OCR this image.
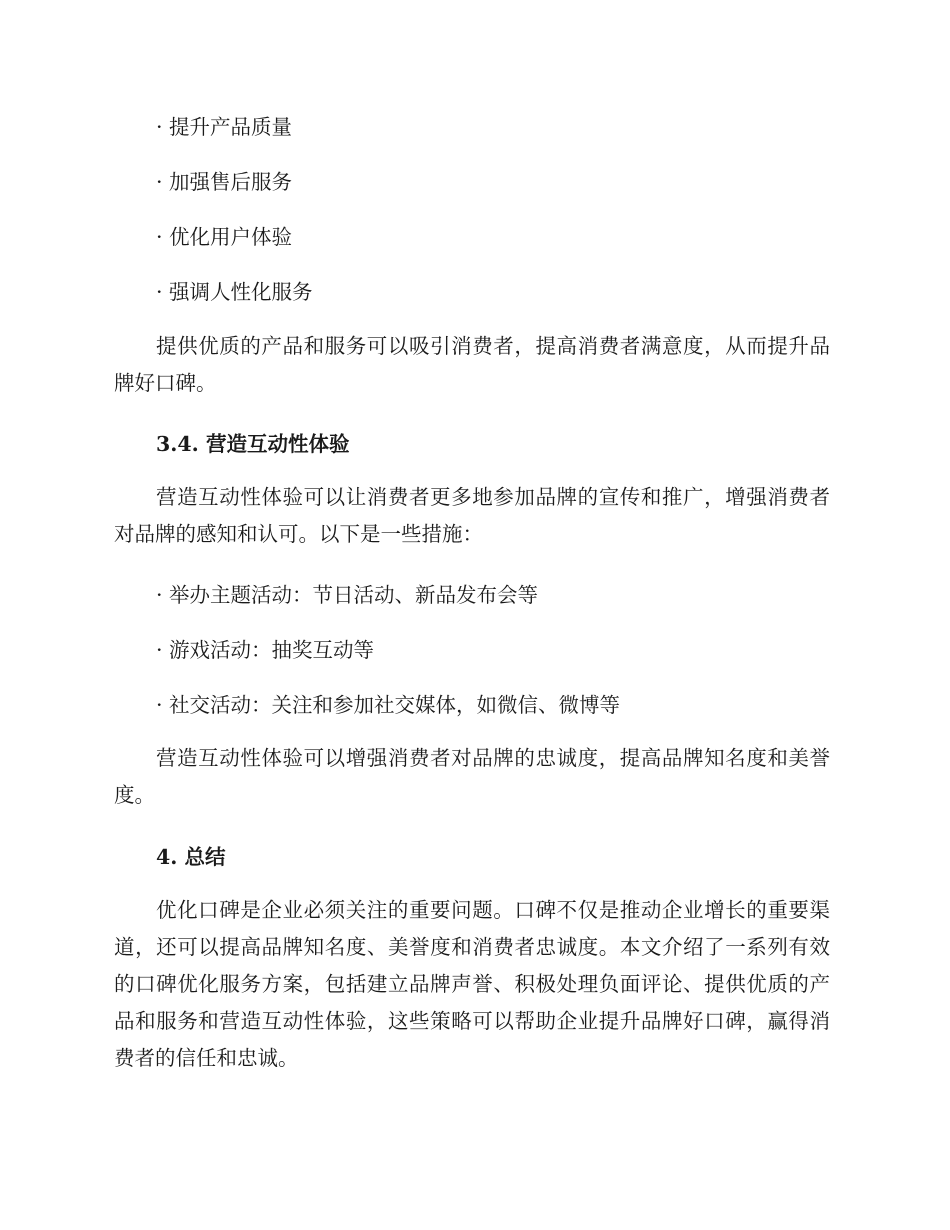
· 提升产品质量
· 加强售后服务
· 优化用户体验
· 强调人性化服务
提供优质的产品和服务可以吸引消费者，提高消费者满意度，从而提升品牌好口碑。
3.4. 营造互动性体验
营造互动性体验可以让消费者更多地参加品牌的宣传和推广，增强消费者对品牌的感知和认可。以下是一些措施：
· 举办主题活动：节日活动、新品发布会等
· 游戏活动：抽奖互动等
· 社交活动：关注和参加社交媒体，如微信、微博等
营造互动性体验可以增强消费者对品牌的忠诚度，提高品牌知名度和美誉度。
4. 总结
优化口碑是企业必须关注的重要问题。口碑不仅是推动企业增长的重要渠道，还可以提高品牌知名度、美誉度和消费者忠诚度。本文介绍了一系列有效的口碑优化服务方案，包括建立品牌声誉、积极处理负面评论、提供优质的产品和服务和营造互动性体验，这些策略可以帮助企业提升品牌好口碑，赢得消费者的信任和忠诚。
